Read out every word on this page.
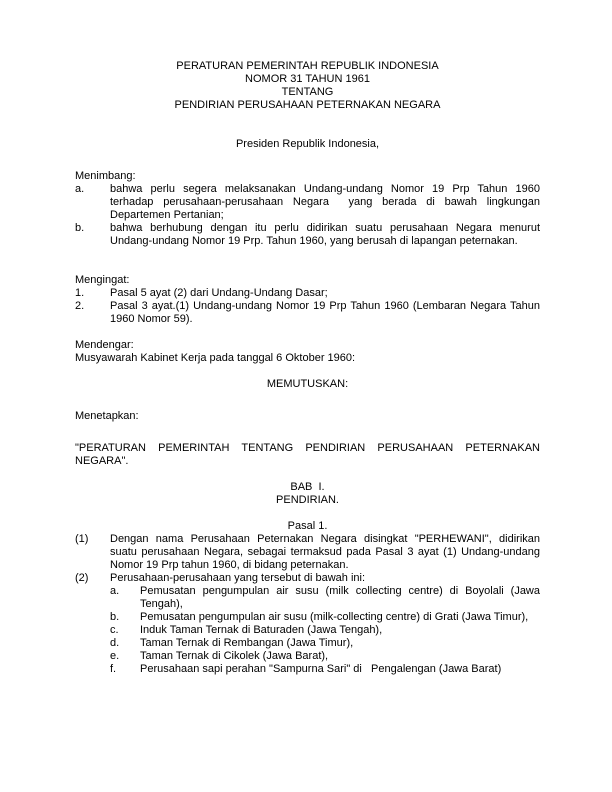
PERATURAN PEMERINTAH REPUBLIK INDONESIA
NOMOR 31 TAHUN 1961
TENTANG
PENDIRIAN PERUSAHAAN PETERNAKAN NEGARA
Presiden Republik Indonesia,
Menimbang:
a.	bahwa perlu segera melaksanakan Undang-undang Nomor 19 Prp Tahun 1960 terhadap perusahaan-perusahaan Negara  yang berada di bawah lingkungan Departemen Pertanian;
b.	bahwa berhubung dengan itu perlu didirikan suatu perusahaan Negara menurut Undang-undang Nomor 19 Prp. Tahun 1960, yang berusah di lapangan peternakan.
Mengingat:
1.	Pasal 5 ayat (2) dari Undang-Undang Dasar;
2.	Pasal 3 ayat.(1) Undang-undang Nomor 19 Prp Tahun 1960 (Lembaran Negara Tahun 1960 Nomor 59).
Mendengar:
Musyawarah Kabinet Kerja pada tanggal 6 Oktober 1960:
MEMUTUSKAN:
Menetapkan:
"PERATURAN PEMERINTAH TENTANG PENDIRIAN PERUSAHAAN PETERNAKAN NEGARA".
BAB  I.
PENDIRIAN.
Pasal 1.
(1)	Dengan nama Perusahaan Peternakan Negara disingkat "PERHEWANI", didirikan suatu perusahaan Negara, sebagai termaksud pada Pasal 3 ayat (1) Undang-undang Nomor 19 Prp tahun 1960, di bidang peternakan.
(2)	Perusahaan-perusahaan yang tersebut di bawah ini:
a.	Pemusatan pengumpulan air susu (milk collecting centre) di Boyolali (Jawa Tengah),
b.	Pemusatan pengumpulan air susu (milk-collecting centre) di Grati (Jawa Timur),
c.	Induk Taman Ternak di Baturaden (Jawa Tengah),
d.	Taman Ternak di Rembangan (Jawa Timur),
e.	Taman Ternak di Cikolek (Jawa Barat),
f.	Perusahaan sapi perahan "Sampurna Sari" di   Pengalengan (Jawa Barat)
